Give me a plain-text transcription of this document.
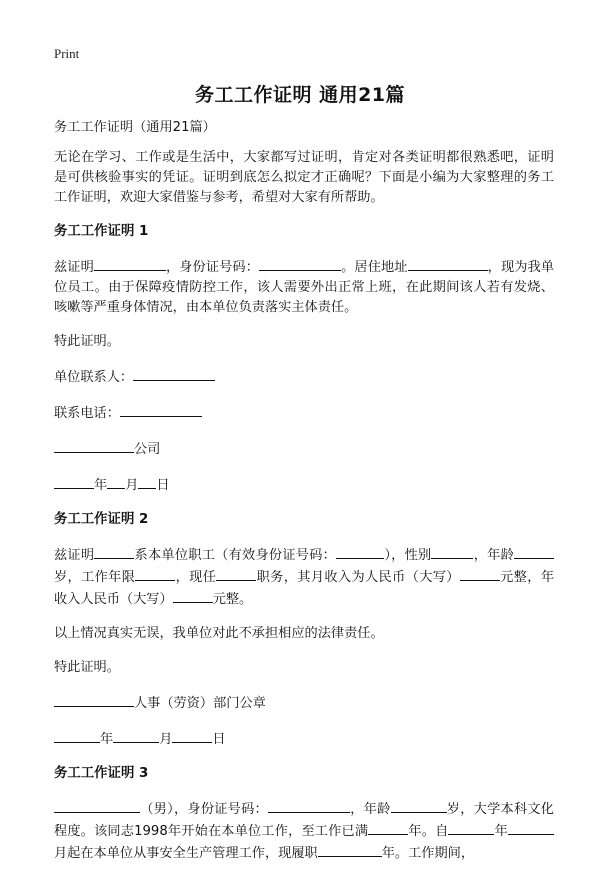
Print
务工工作证明 通用21篇

务工工作证明（通用21篇）

无论在学习、工作或是生活中，大家都写过证明，肯定对各类证明都很熟悉吧，证明是可供核验事实的凭证。证明到底怎么拟定才正确呢？下面是小编为大家整理的务工工作证明，欢迎大家借鉴与参考，希望对大家有所帮助。

务工工作证明 1

兹证明	，身份证号码：	。居住地址	，现为我单位员工。由于保障疫情防控工作，该人需要外出正常上班，在此期间该人若有发烧、咳嗽等严重身体情况，由本单位负责落实主体责任。

特此证明。

单位联系人：

联系电话：

公司

年 月 日

务工工作证明 2

兹证明	系本单位职工（有效身份证号码：	），性别	，年龄岁，工作年限	，现任	职务，其月收入为人民币（大写）	元整，年收入人民币（大写）	元整。

以上情况真实无误，我单位对此不承担相应的法律责任。

特此证明。

人事（劳资）部门公章

年	月	日

务工工作证明 3

（男），身份证号码：	，年龄	岁，大学本科文化程度。该同志1998年开始在本单位工作，至工作已满	年。自	年月起在本单位从事安全生产管理工作，现履职	年。工作期间，
